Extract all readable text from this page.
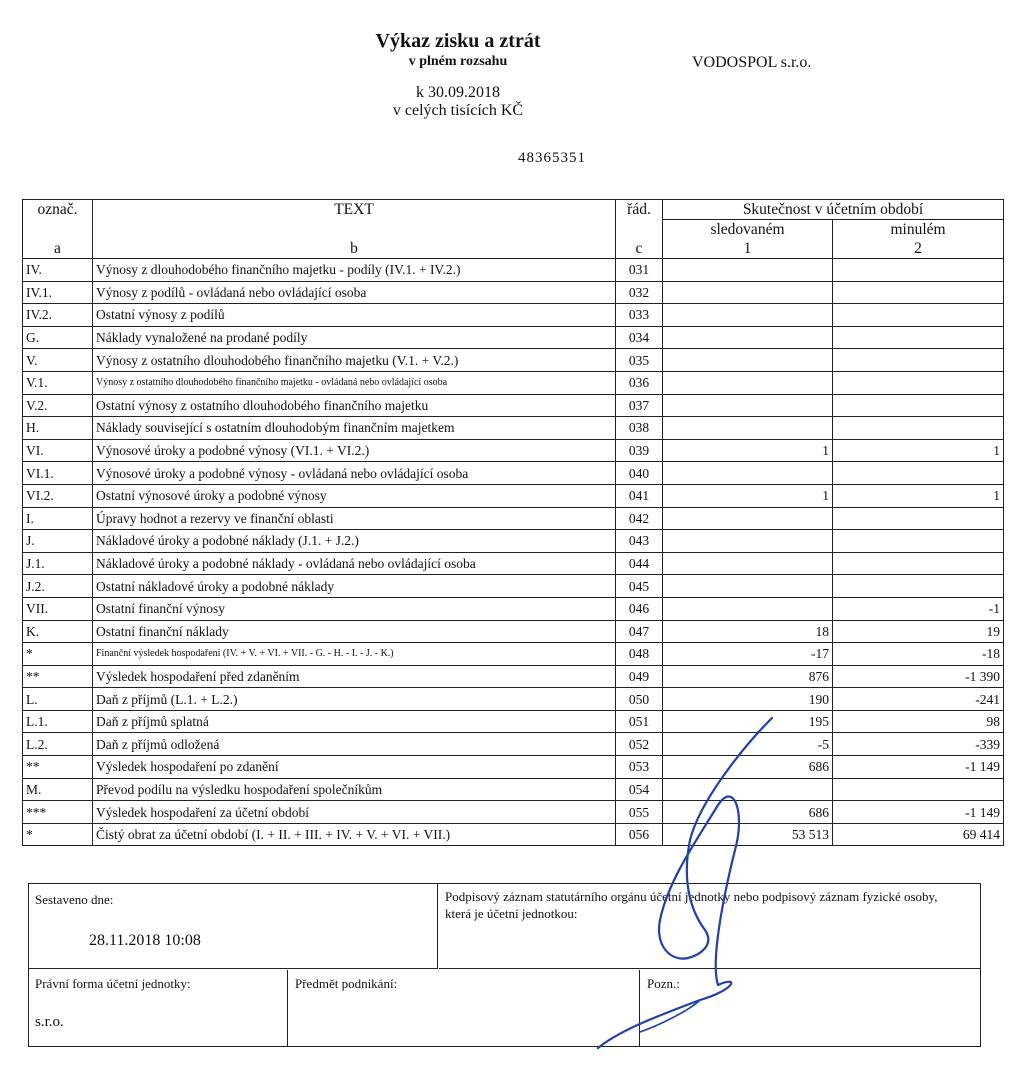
Výkaz zisku a ztrát
v plném rozsahu
k 30.09.2018
v celých tisících KČ
VODOSPOL s.r.o.
48365351
označ.	TEXT	řád.	Skutečnost v účetním období	
			sledovaném	minulém
a	b	c	1	2
IV.	Výnosy z dlouhodobého finančního majetku - podíly (IV.1. + IV.2.)	031		
IV.1.	Výnosy z podílů - ovládaná nebo ovládající osoba	032		
IV.2.	Ostatní výnosy z podílů	033		
G.	Náklady vynaložené na prodané podíly	034		
V.	Výnosy z ostatního dlouhodobého finančního majetku (V.1. + V.2.)	035		
V.1.	Výnosy z ostatního dlouhodobého finančního majetku - ovládaná nebo ovládající osoba	036		
V.2.	Ostatní výnosy z ostatního dlouhodobého finančního majetku	037		
H.	Náklady související s ostatním dlouhodobým finančním majetkem	038		
VI.	Výnosové úroky a podobné výnosy (VI.1. + VI.2.)	039	1	1
VI.1.	Výnosové úroky a podobné výnosy - ovládaná nebo ovládající osoba	040		
VI.2.	Ostatní výnosové úroky a podobné výnosy	041	1	1
I.	Úpravy hodnot a rezervy ve finanční oblasti	042		
J.	Nákladové úroky a podobné náklady (J.1. + J.2.)	043		
J.1.	Nákladové úroky a podobné náklady - ovládaná nebo ovládající osoba	044		
J.2.	Ostatní nákladové úroky a podobné náklady	045		
VII.	Ostatní finanční výnosy	046		-1
K.	Ostatní finanční náklady	047	18	19
*	Finanční výsledek hospodaření (IV. + V. + VI. + VII. - G. - H. - I. - J. - K.)	048	-17	-18
**	Výsledek hospodaření před zdaněním	049	876	-1 390
L.	Daň z příjmů (L.1. + L.2.)	050	190	-241
L.1.	Daň z příjmů splatná	051	195	98
L.2.	Daň z příjmů odložená	052	-5	-339
**	Výsledek hospodaření po zdanění	053	686	-1 149
M.	Převod podílu na výsledku hospodaření společníkům	054		
***	Výsledek hospodaření za účetní období	055	686	-1 149
*	Čistý obrat za účetní období (I. + II. + III. + IV. + V. + VI. + VII.)	056	53 513	69 414
Sestaveno dne:
28.11.2018 10:08
Podpisový záznam statutárního orgánu účetní jednotky nebo podpisový záznam fyzické osoby, která je účetní jednotkou:
Právní forma účetní jednotky:
s.r.o.
Předmět podnikání:	Pozn.:
